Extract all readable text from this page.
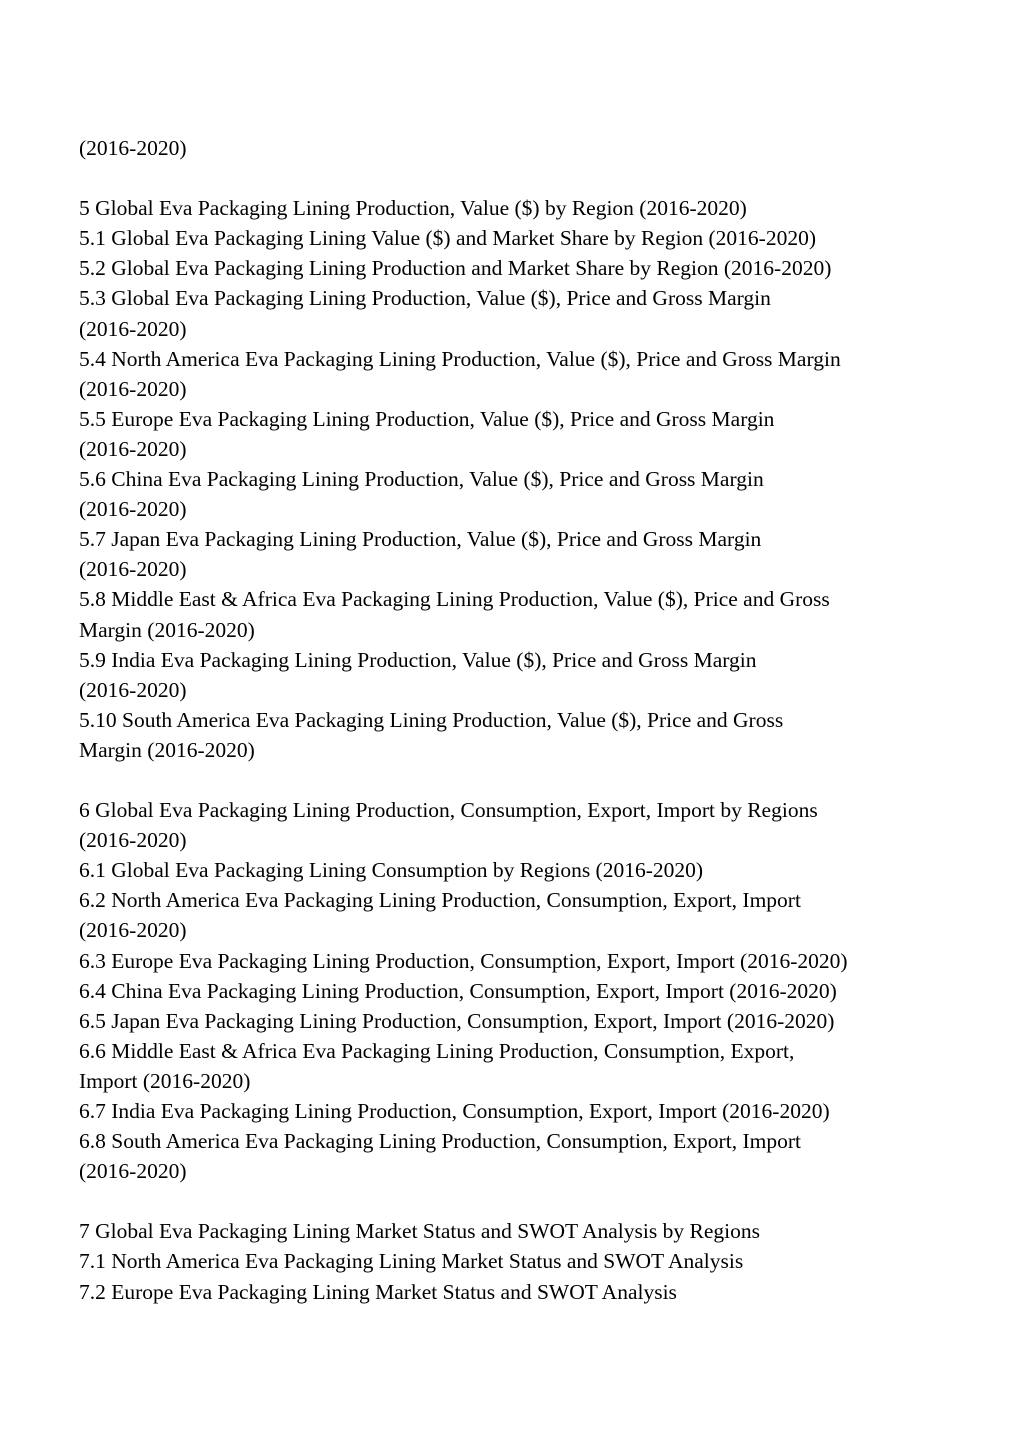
(2016-2020)
5 Global Eva Packaging Lining Production, Value ($) by Region (2016-2020)
5.1 Global Eva Packaging Lining Value ($) and Market Share by Region (2016-2020)
5.2 Global Eva Packaging Lining Production and Market Share by Region (2016-2020)
5.3 Global Eva Packaging Lining Production, Value ($), Price and Gross Margin
(2016-2020)
5.4 North America Eva Packaging Lining Production, Value ($), Price and Gross Margin
(2016-2020)
5.5 Europe Eva Packaging Lining Production, Value ($), Price and Gross Margin
(2016-2020)
5.6 China Eva Packaging Lining Production, Value ($), Price and Gross Margin
(2016-2020)
5.7 Japan Eva Packaging Lining Production, Value ($), Price and Gross Margin
(2016-2020)
5.8 Middle East & Africa Eva Packaging Lining Production, Value ($), Price and Gross
Margin (2016-2020)
5.9 India Eva Packaging Lining Production, Value ($), Price and Gross Margin
(2016-2020)
5.10 South America Eva Packaging Lining Production, Value ($), Price and Gross
Margin (2016-2020)
6 Global Eva Packaging Lining Production, Consumption, Export, Import by Regions
(2016-2020)
6.1 Global Eva Packaging Lining Consumption by Regions (2016-2020)
6.2 North America Eva Packaging Lining Production, Consumption, Export, Import
(2016-2020)
6.3 Europe Eva Packaging Lining Production, Consumption, Export, Import (2016-2020)
6.4 China Eva Packaging Lining Production, Consumption, Export, Import (2016-2020)
6.5 Japan Eva Packaging Lining Production, Consumption, Export, Import (2016-2020)
6.6 Middle East & Africa Eva Packaging Lining Production, Consumption, Export,
Import (2016-2020)
6.7 India Eva Packaging Lining Production, Consumption, Export, Import (2016-2020)
6.8 South America Eva Packaging Lining Production, Consumption, Export, Import
(2016-2020)
7 Global Eva Packaging Lining Market Status and SWOT Analysis by Regions
7.1 North America Eva Packaging Lining Market Status and SWOT Analysis
7.2 Europe Eva Packaging Lining Market Status and SWOT Analysis
